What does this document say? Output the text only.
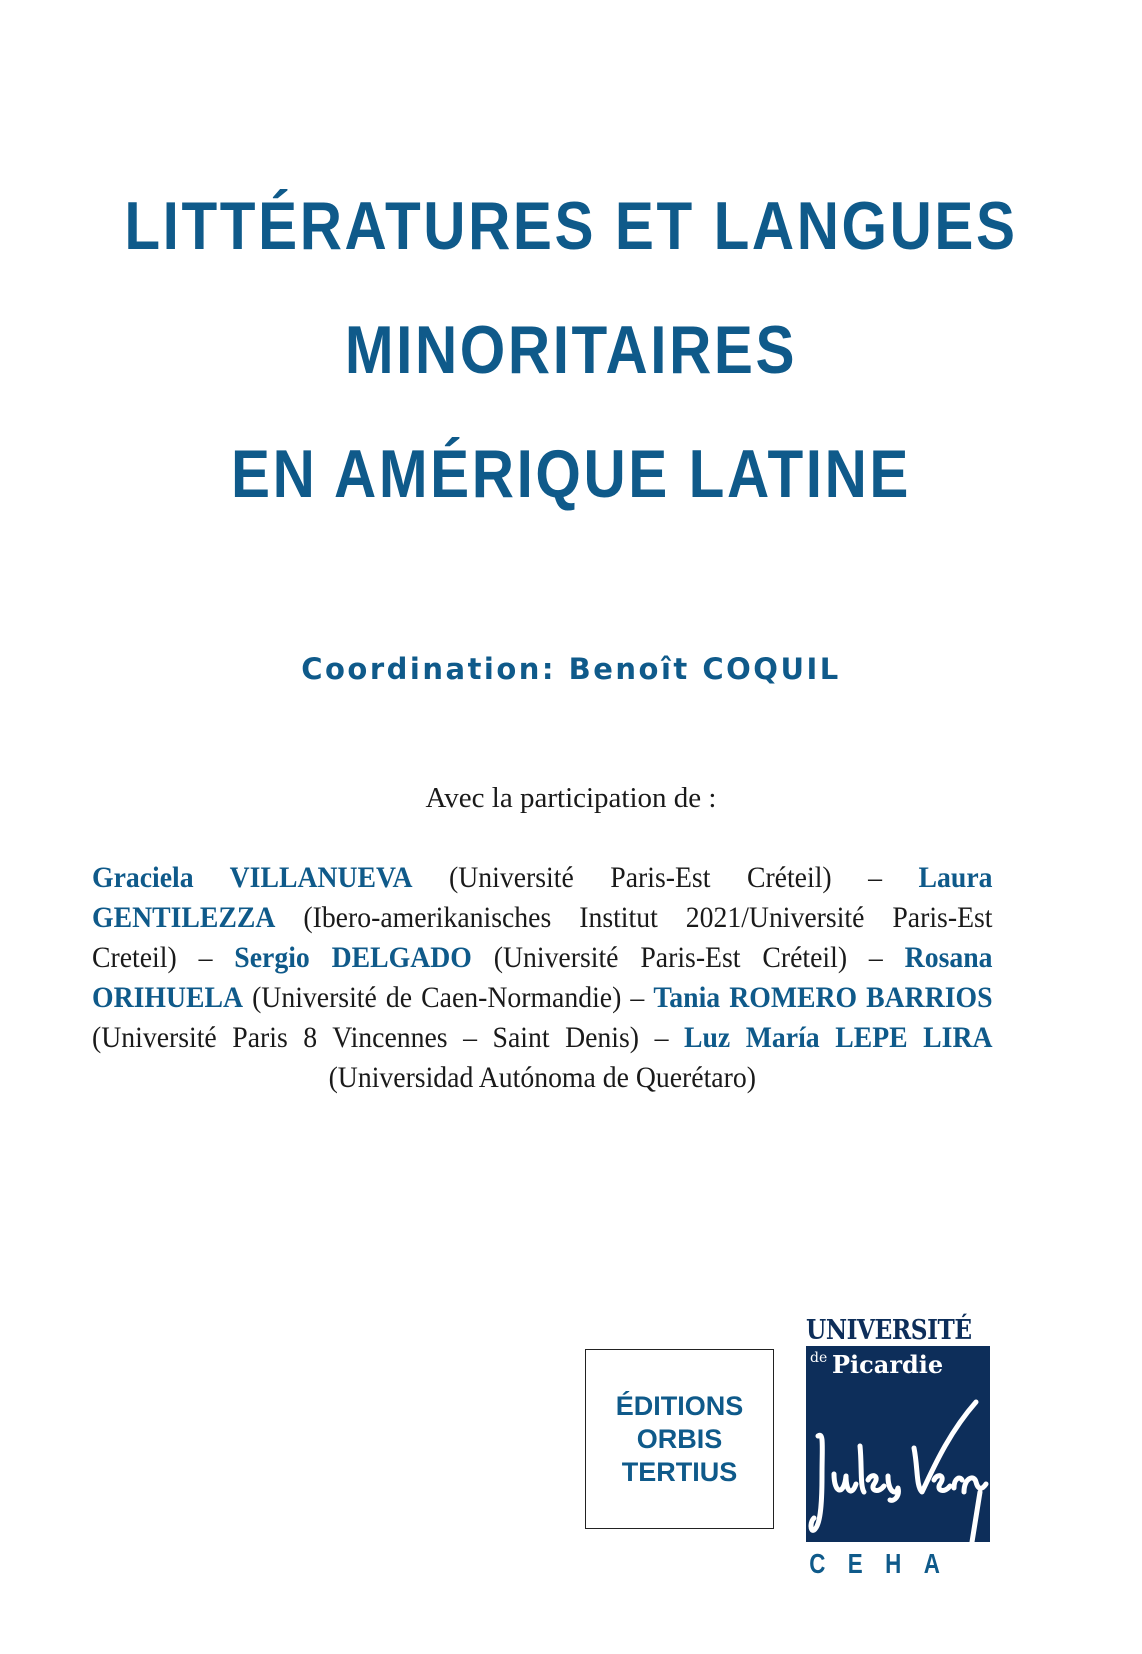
LITTÉRATURES ET LANGUES
MINORITAIRES
EN AMÉRIQUE LATINE
Coordination: Benoît COQUIL
Avec la participation de :
Graciela VILLANUEVA (Université Paris-Est Créteil) – Laura GENTILEZZA (Ibero-amerikanisches Institut 2021/Université Paris-Est Creteil) – Sergio DELGADO (Université Paris-Est Créteil) – Rosana ORIHUELA (Université de Caen-Normandie) – Tania ROMERO BARRIOS (Université Paris 8 Vincennes – Saint Denis) – Luz María LEPE LIRA (Universidad Autónoma de Querétaro)
ÉDITIONS
ORBIS
TERTIUS
UNIVERSITÉ
de Picardie
CEHA
